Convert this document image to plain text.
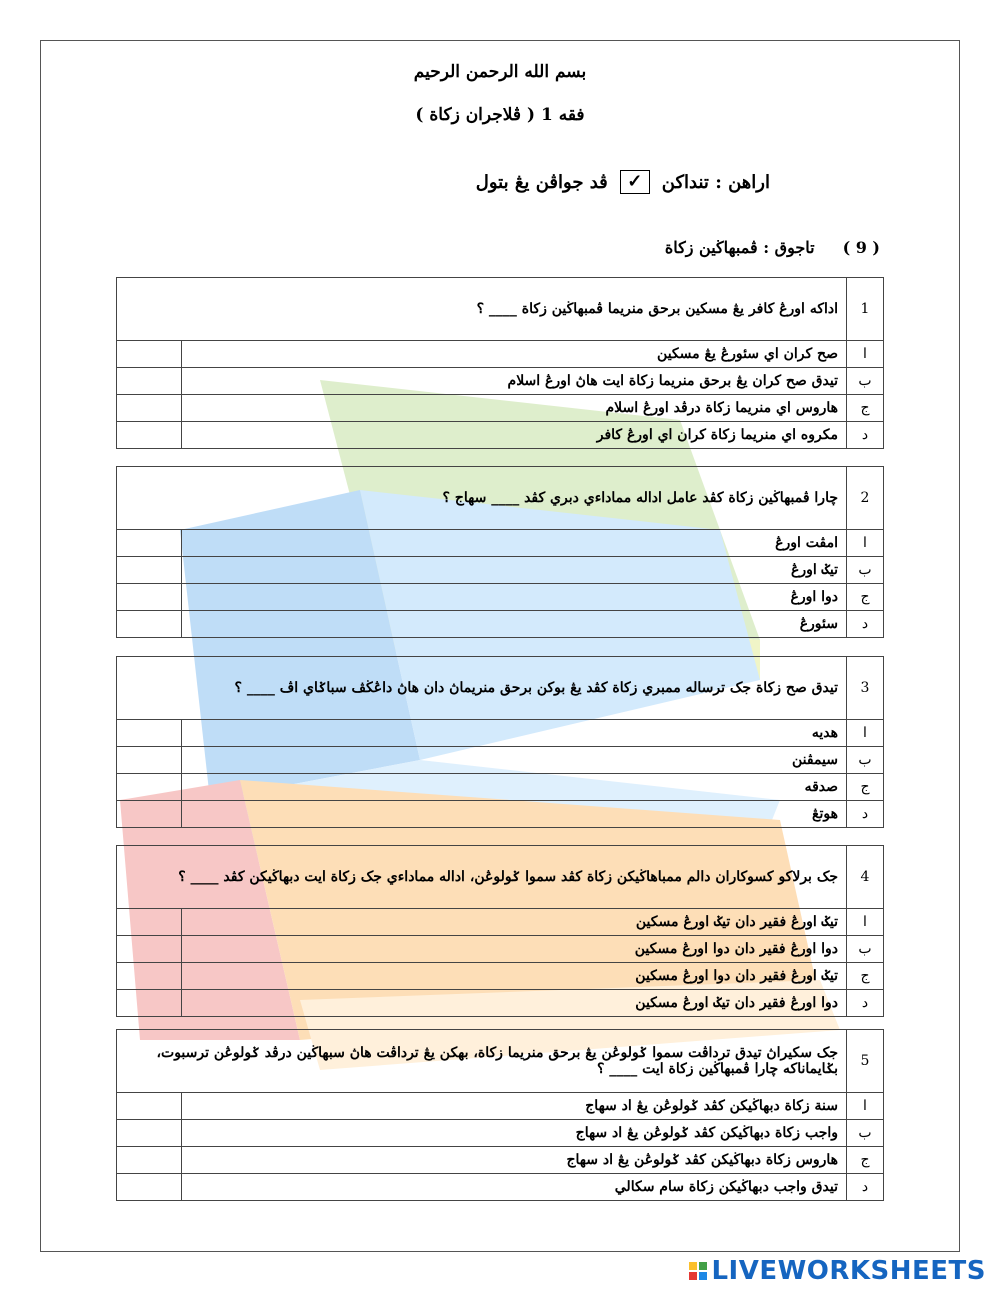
بسم الله الرحمن الرحيم
فقه 1 ( ڤلاجران زكاة )
اراهن : تنداكن
✓
ڤد جواڤن يڠ بتول
( 9 )
تاجوق : ڤمبهاڬين زكاة
1	اداكه اورڠ كافر يڠ مسكين برحق منريما ڤمبهاڬين زكاة ____ ؟	
ا	صح كران اي سئورڠ يڠ مسكين	
ب	تيدق صح كران يڠ برحق منريما زكاة ايت هاڽ اورڠ اسلام	
ج	هاروس اي منريما زكاة درڤد اورڠ اسلام	
د	مكروه اي منريما زكاة كران اي اورڠ كافر	
2	چارا ڤمبهاڬين زكاة كڤد عامل اداله مماداءي دبري كڤد ____ سهاج ؟	
ا	امڤت اورڠ	
ب	تيݢ اورڠ	
ج	دوا اورڠ	
د	سئورڠ	
3	تيدق صح زكاة جک ترساله ممبري زكاة كڤد يڠ بوكن برحق منريماڽ دان هاڽ داڠڬڤ سباݢاي اڤ ____ ؟	
ا	هديه	
ب	سيمڤنن	
ج	صدقه	
د	هوتڠ	
4	جک برلاكو كسوكاران دالم ممباهاڬيكن زكاة كڤد سموا ݢولوڠن، اداله مماداءي جک زكاة ايت دبهاڬيكن كڤد ____ ؟	
ا	تيݢ اورڠ فقير دان تيݢ اورڠ مسكين	
ب	دوا اورڠ فقير دان دوا اورڠ مسكين	
ج	تيݢ اورڠ فقير دان دوا اورڠ مسكين	
د	دوا اورڠ فقير دان تيݢ اورڠ مسكين	
5	جک سكيراڽ تيدق ترداڤت سموا ݢولوڠن يڠ برحق منريما زكاة، بهکن يڠ ترداڤت هاڽ سبهاڬين درڤد ݢولوڠن ترسبوت، بݢايماناكه چارا ڤمبهاڬين زكاة ايت ____ ؟	
ا	سنة زكاة دبهاڬيكن كڤد ݢولوڠن يڠ اد سهاج	
ب	واجب زكاة دبهاڬيكن كڤد ݢولوڠن يڠ اد سهاج	
ج	هاروس زكاة دبهاڬيكن كڤد ݢولوڠن يڠ اد سهاج	
د	تيدق واجب دبهاڬيكن زكاة سام سكالي	
LIVEWORKSHEETS
